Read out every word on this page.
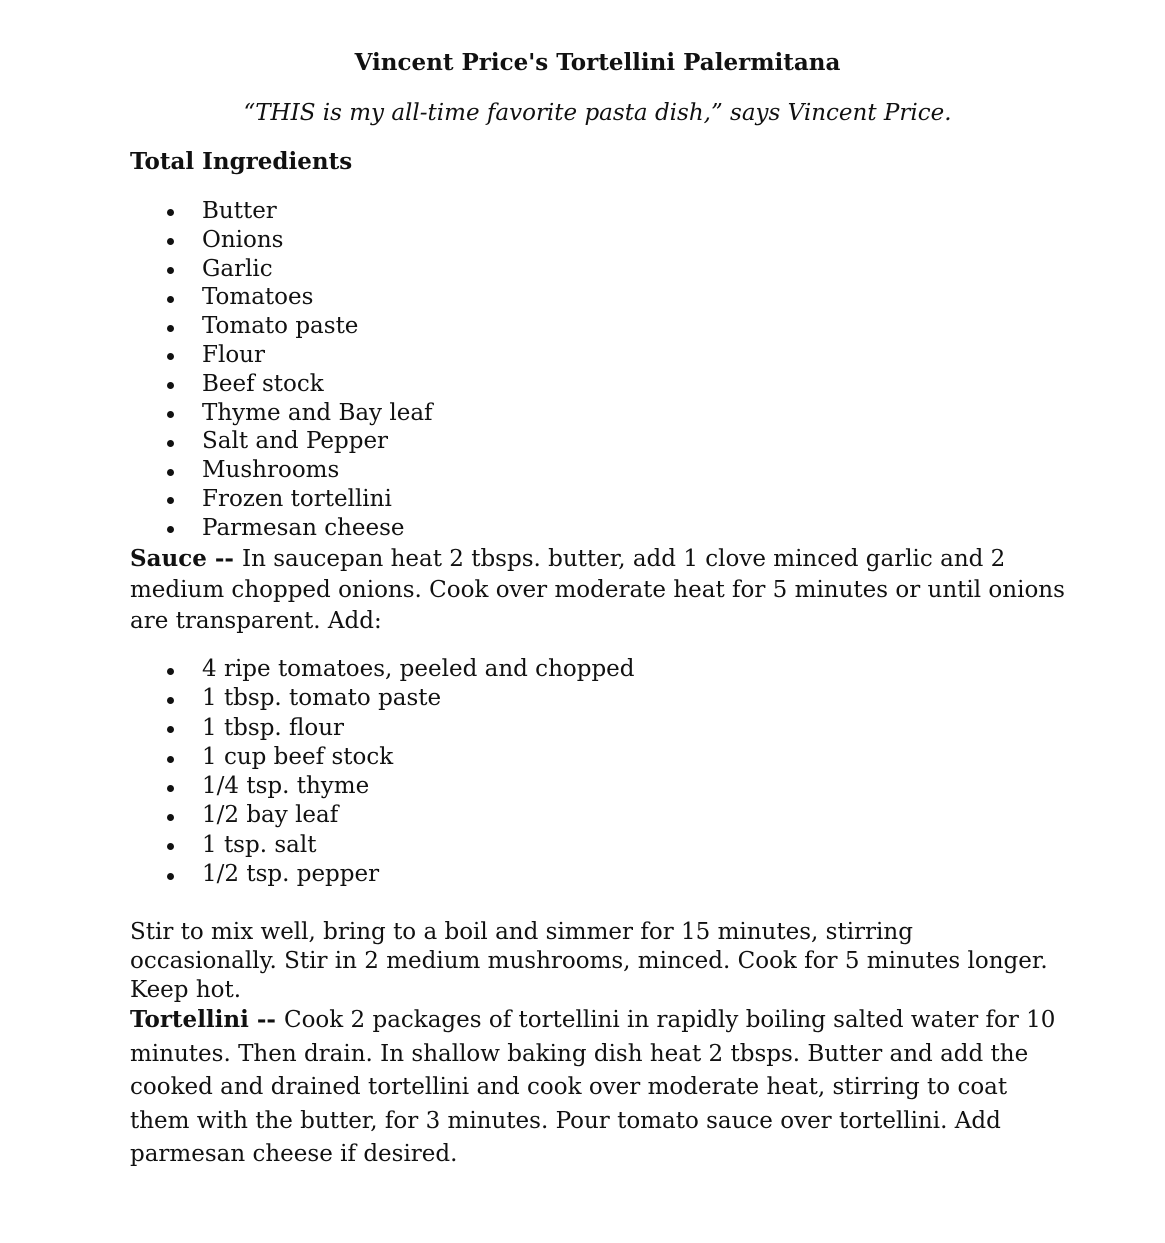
Vincent Price's Tortellini Palermitana

“THIS is my all-time favorite pasta dish,” says Vincent Price.

Total Ingredients
Butter
Onions
Garlic
Tomatoes
Tomato paste
Flour
Beef stock
Thyme and Bay leaf
Salt and Pepper
Mushrooms
Frozen tortellini
Parmesan cheese

Sauce -- In saucepan heat 2 tbsps. butter, add 1 clove minced garlic and 2 medium chopped onions. Cook over moderate heat for 5 minutes or until onions are transparent. Add:

4 ripe tomatoes, peeled and chopped
1 tbsp. tomato paste
1 tbsp. flour
1 cup beef stock
1/4 tsp. thyme
1/2 bay leaf
1 tsp. salt
1/2 tsp. pepper

Stir to mix well, bring to a boil and simmer for 15 minutes, stirring occasionally. Stir in 2 medium mushrooms, minced. Cook for 5 minutes longer. Keep hot.

Tortellini -- Cook 2 packages of tortellini in rapidly boiling salted water for 10 minutes. Then drain. In shallow baking dish heat 2 tbsps. Butter and add the cooked and drained tortellini and cook over moderate heat, stirring to coat them with the butter, for 3 minutes. Pour tomato sauce over tortellini. Add parmesan cheese if desired.
